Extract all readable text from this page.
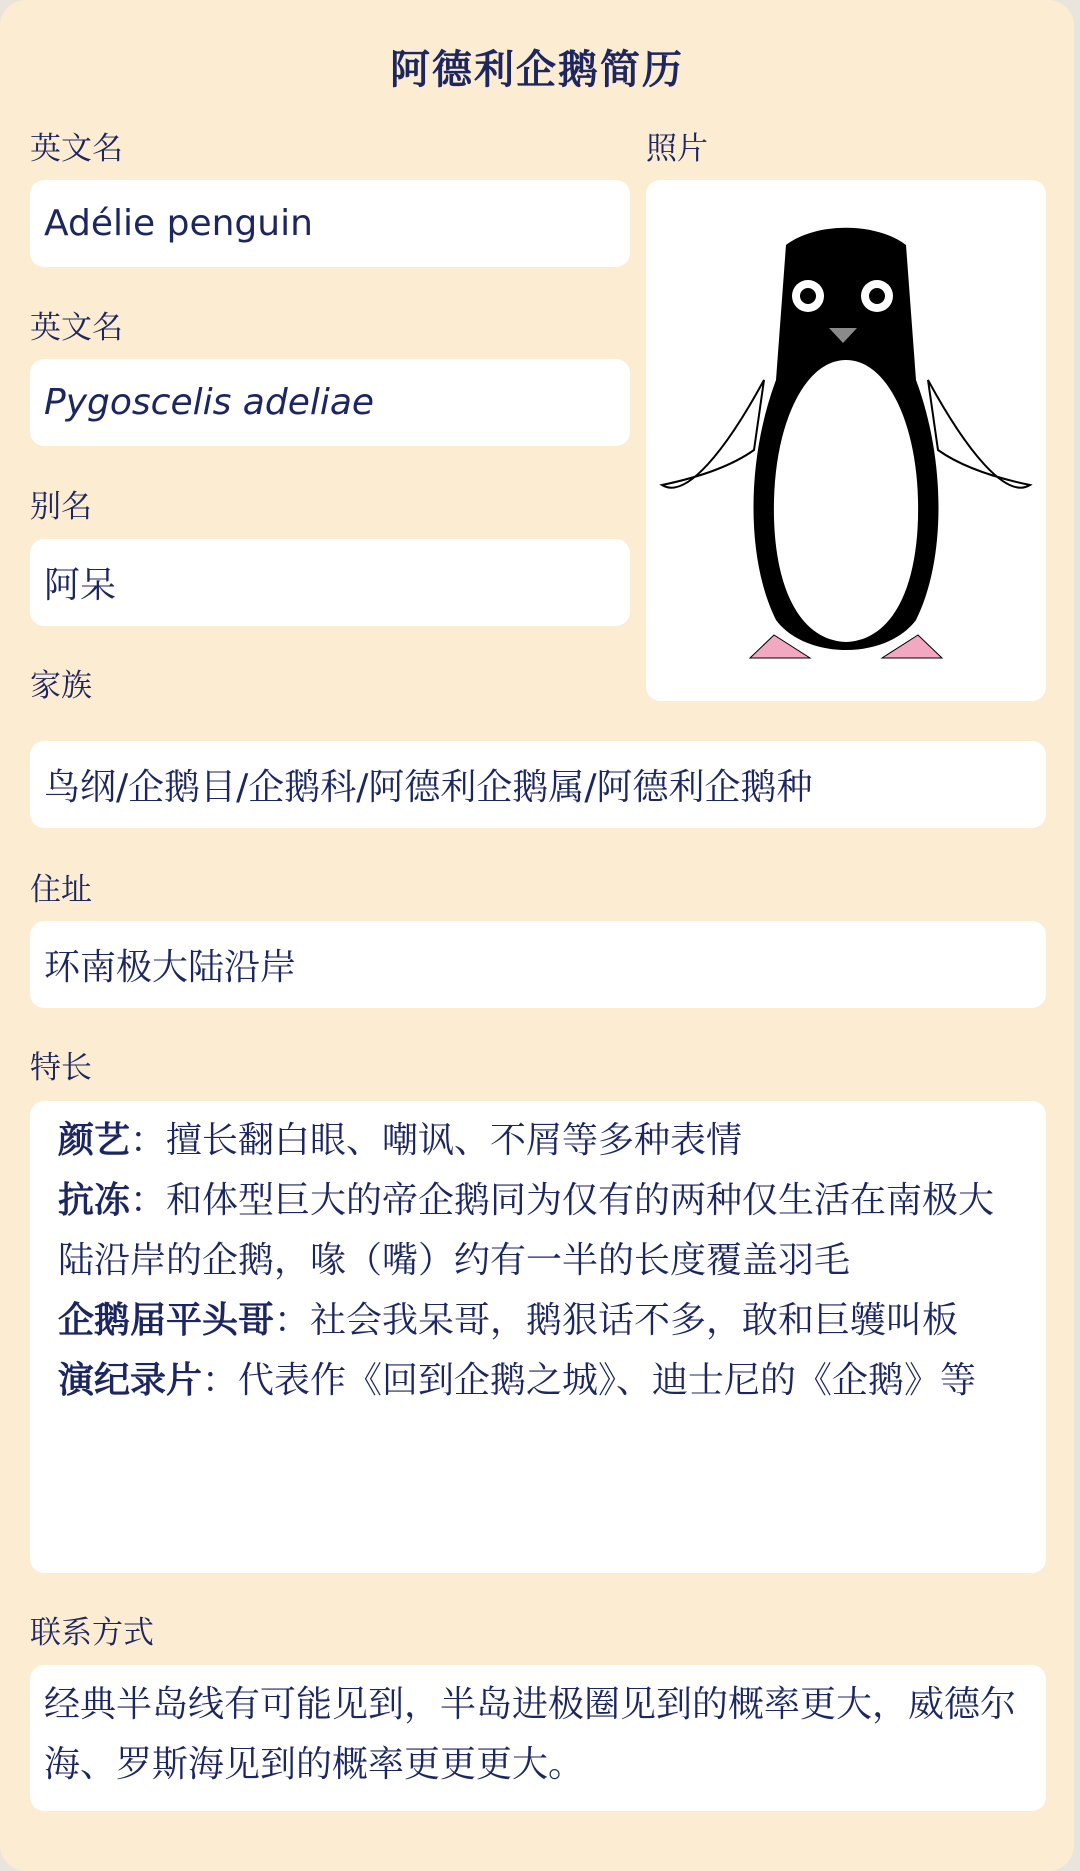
阿德利企鹅简历
英文名
Adélie penguin
英文名
Pygoscelis adeliae
别名
阿呆
照片
家族
鸟纲/企鹅目/企鹅科/阿德利企鹅属/阿德利企鹅种
住址
环南极大陆沿岸
特长
颜艺：擅长翻白眼、嘲讽、不屑等多种表情
抗冻：和体型巨大的帝企鹅同为仅有的两种仅生活在南极大陆沿岸的企鹅，喙（嘴）约有一半的长度覆盖羽毛
企鹅届平头哥：社会我呆哥，鹅狠话不多，敢和巨鹱叫板
演纪录片：代表作《回到企鹅之城》、迪士尼的《企鹅》等
联系方式
经典半岛线有可能见到，半岛进极圈见到的概率更大，威德尔海、罗斯海见到的概率更更更大。
